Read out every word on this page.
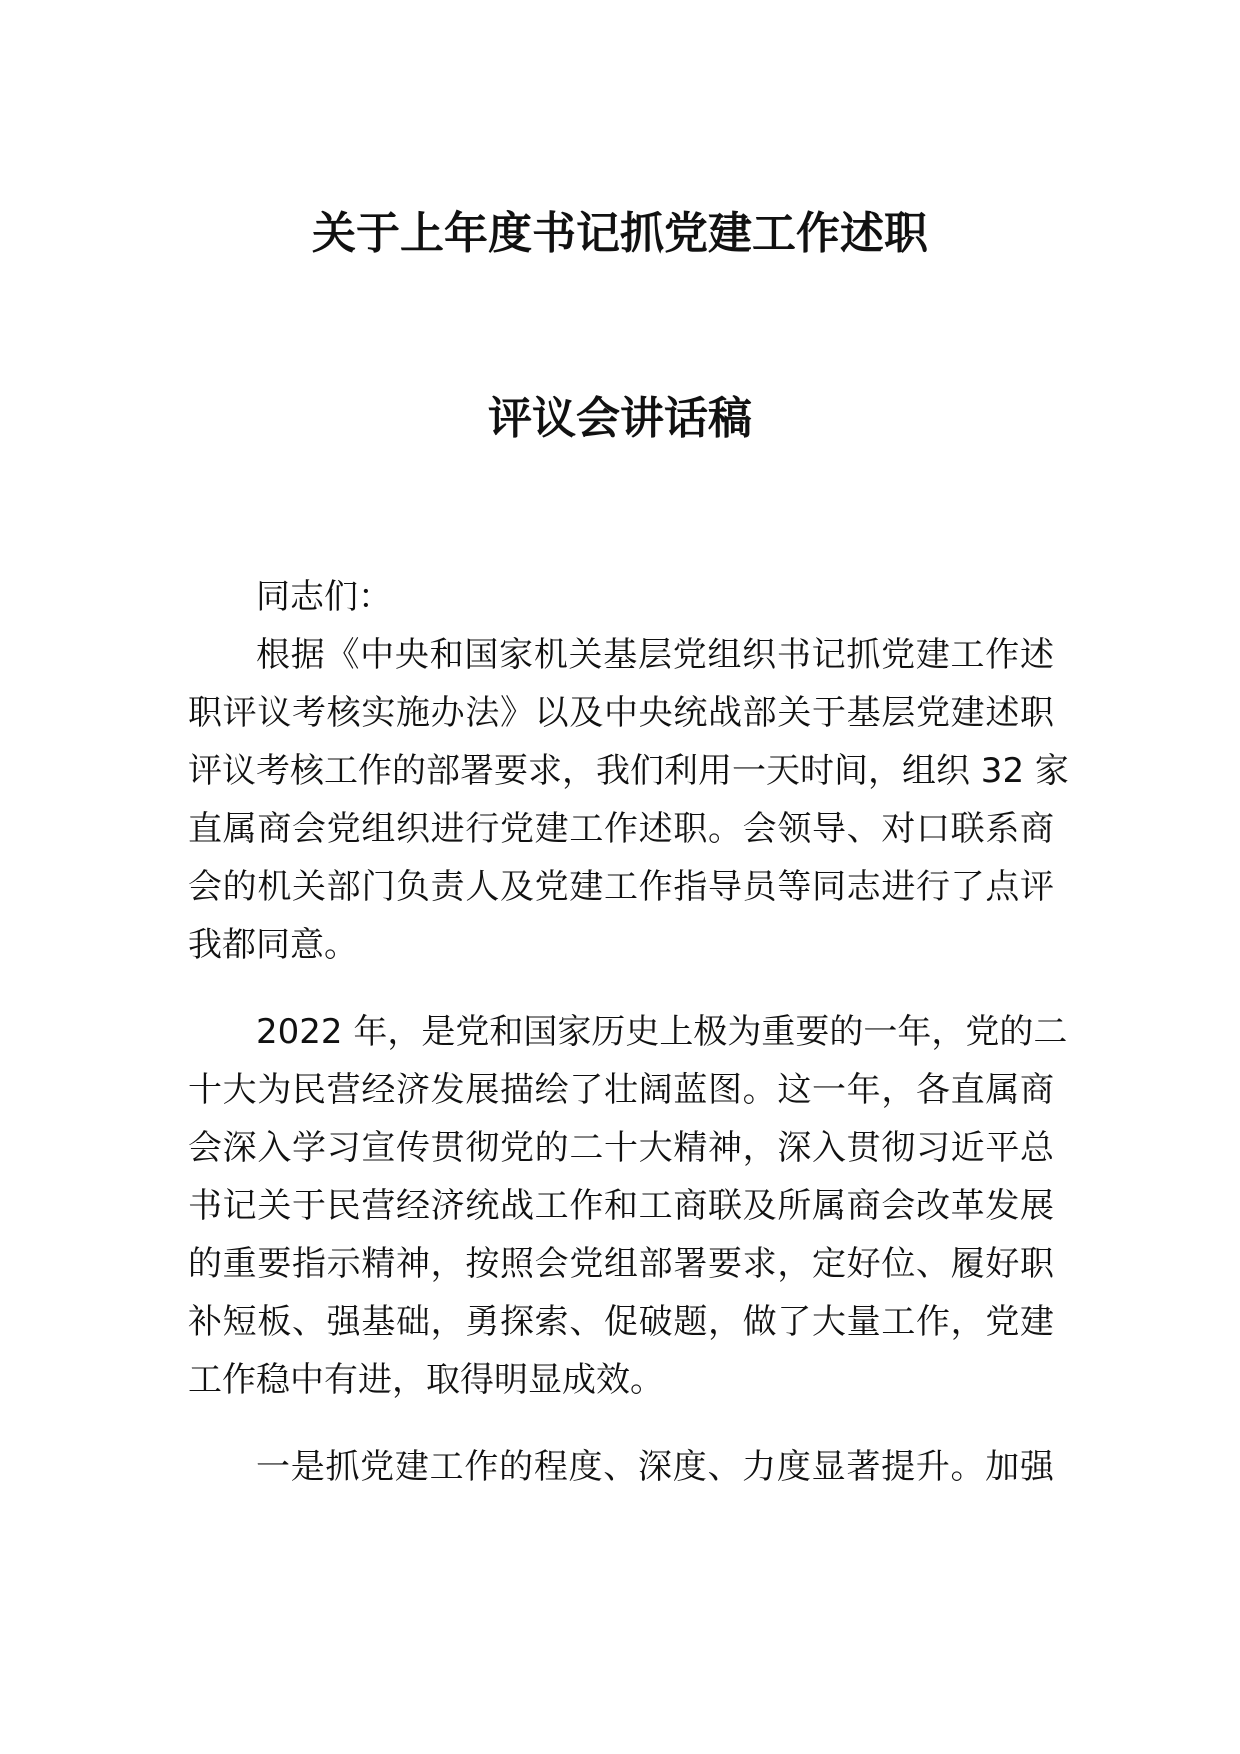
关于上年度书记抓党建工作述职
评议会讲话稿
同志们：
根据《中央和国家机关基层党组织书记抓党建工作述
职评议考核实施办法》以及中央统战部关于基层党建述职
评议考核工作的部署要求，我们利用一天时间，组织 32 家
直属商会党组织进行党建工作述职。会领导、对口联系商
会的机关部门负责人及党建工作指导员等同志进行了点评
我都同意。
2022 年，是党和国家历史上极为重要的一年，党的二
十大为民营经济发展描绘了壮阔蓝图。这一年，各直属商
会深入学习宣传贯彻党的二十大精神，深入贯彻习近平总
书记关于民营经济统战工作和工商联及所属商会改革发展
的重要指示精神，按照会党组部署要求，定好位、履好职
补短板、强基础，勇探索、促破题，做了大量工作，党建
工作稳中有进，取得明显成效。
一是抓党建工作的程度、深度、力度显著提升。加强
